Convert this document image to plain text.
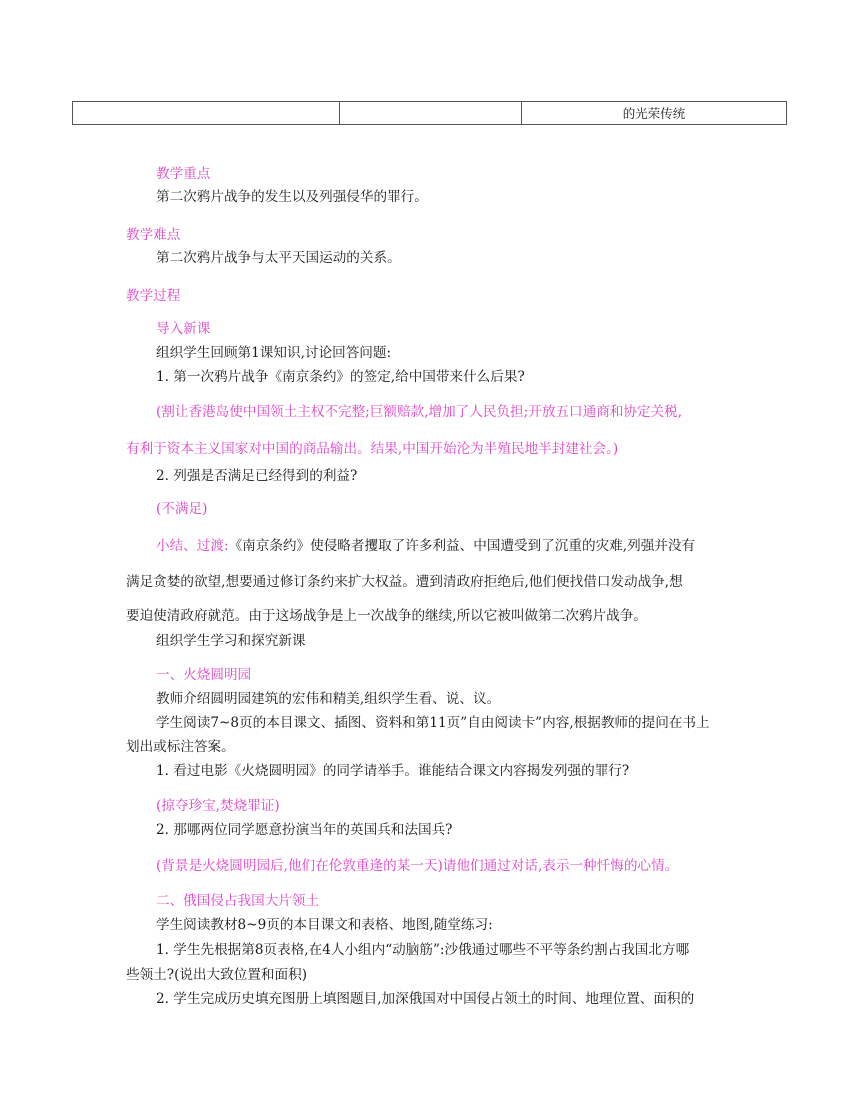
		的光荣传统
教学重点
第二次鸦片战争的发生以及列强侵华的罪行。
教学难点
第二次鸦片战争与太平天国运动的关系。
教学过程
导入新课
组织学生回顾第1课知识,讨论回答问题:
1. 第一次鸦片战争《南京条约》的签定,给中国带来什么后果?
(割让香港岛使中国领土主权不完整;巨额赔款,增加了人民负担;开放五口通商和协定关税,
有利于资本主义国家对中国的商品输出。结果,中国开始沦为半殖民地半封建社会。)
2. 列强是否满足已经得到的利益?
(不满足)
小结、过渡:《南京条约》使侵略者攫取了许多利益、中国遭受到了沉重的灾难,列强并没有
满足贪婪的欲望,想要通过修订条约来扩大权益。遭到清政府拒绝后,他们便找借口发动战争,想
要迫使清政府就范。由于这场战争是上一次战争的继续,所以它被叫做第二次鸦片战争。
组织学生学习和探究新课
一、火烧圆明园
教师介绍圆明园建筑的宏伟和精美,组织学生看、说、议。
学生阅读7~8页的本目课文、插图、资料和第11页”自由阅读卡”内容,根据教师的提问在书上
划出或标注答案。
1. 看过电影《火烧圆明园》的同学请举手。谁能结合课文内容揭发列强的罪行?
(掠夺珍宝,焚烧罪证)
2. 那哪两位同学愿意扮演当年的英国兵和法国兵?
(背景是火烧圆明园后,他们在伦敦重逢的某一天)请他们通过对话,表示一种忏悔的心情。
二、俄国侵占我国大片领土
学生阅读教材8~9页的本目课文和表格、地图,随堂练习:
1. 学生先根据第8页表格,在4人小组内“动脑筋”:沙俄通过哪些不平等条约割占我国北方哪
些领土?(说出大致位置和面积)
2. 学生完成历史填充图册上填图题目,加深俄国对中国侵占领土的时间、地理位置、面积的
